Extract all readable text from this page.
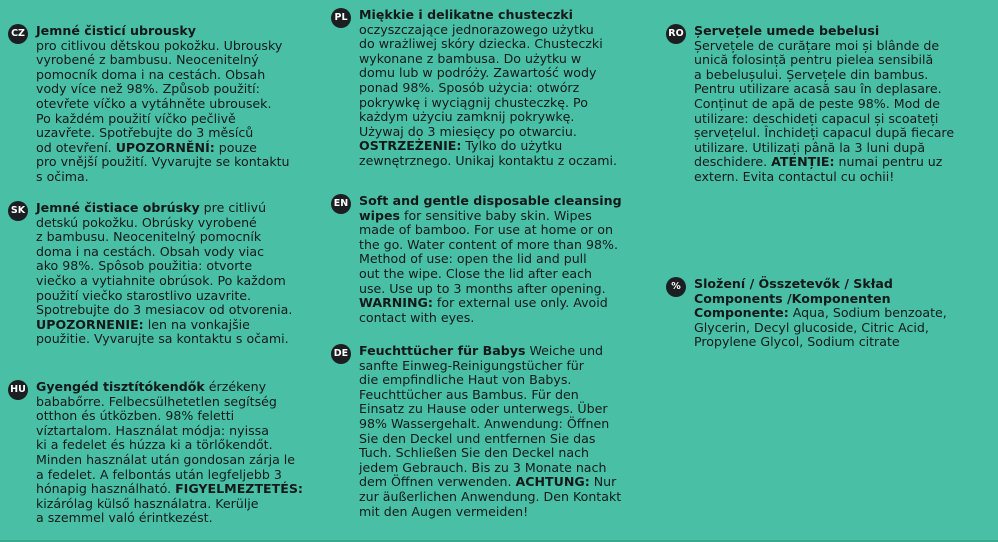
CZ Jemné čisticí ubrousky
pro citlivou dětskou pokožku. Ubrousky
vyrobené z bambusu. Neocenitelný
pomocník doma i na cestách. Obsah
vody více než 98%. Způsob použití:
otevřete víčko a vytáhněte ubrousek.
Po každém použití víčko pečlivě
uzavřete. Spotřebujte do 3 měsíců
od otevření. UPOZORNĚNÍ: pouze
pro vnější použití. Vyvarujte se kontaktu
s očima.
SK Jemné čistiace obrúsky pre citlivú
detskú pokožku. Obrúsky vyrobené
z bambusu. Neocenitelný pomocník
doma i na cestách. Obsah vody viac
ako 98%. Spôsob použitia: otvorte
viečko a vytiahnite obrúsok. Po každom
použití viečko starostlivo uzavrite.
Spotrebujte do 3 mesiacov od otvorenia.
UPOZORNENIE: len na vonkajšie
použitie. Vyvarujte sa kontaktu s očami.
HU Gyengéd tisztítókendők érzékeny
bababőrre. Felbecsülhetetlen segítség
otthon és útközben. 98% feletti
víztartalom. Használat módja: nyissa
ki a fedelet és húzza ki a törlőkendőt.
Minden használat után gondosan zárja le
a fedelet. A felbontás után legfeljebb 3
hónapig használható. FIGYELMEZTETÉS:
kizárólag külső használatra. Kerülje
a szemmel való érintkezést.
PL Miękkie i delikatne chusteczki
oczyszczające jednorazowego użytku
do wrażliwej skóry dziecka. Chusteczki
wykonane z bambusa. Do użytku w
domu lub w podróży. Zawartość wody
ponad 98%. Sposób użycia: otwórz
pokrywkę i wyciągnij chusteczkę. Po
każdym użyciu zamknij pokrywkę.
Używaj do 3 miesięcy po otwarciu.
OSTRZEŻENIE: Tylko do użytku
zewnętrznego. Unikaj kontaktu z oczami.
EN Soft and gentle disposable cleansing
wipes for sensitive baby skin. Wipes
made of bamboo. For use at home or on
the go. Water content of more than 98%.
Method of use: open the lid and pull
out the wipe. Close the lid after each
use. Use up to 3 months after opening.
WARNING: for external use only. Avoid
contact with eyes.
DE Feuchttücher für Babys Weiche und
sanfte Einweg-Reinigungstücher für
die empfindliche Haut von Babys.
Feuchttücher aus Bambus. Für den
Einsatz zu Hause oder unterwegs. Über
98% Wassergehalt. Anwendung: Öffnen
Sie den Deckel und entfernen Sie das
Tuch. Schließen Sie den Deckel nach
jedem Gebrauch. Bis zu 3 Monate nach
dem Öffnen verwenden. ACHTUNG: Nur
zur äußerlichen Anwendung. Den Kontakt
mit den Augen vermeiden!
RO Șervețele umede bebelusi
Șervețele de curățare moi și blânde de
unică folosință pentru pielea sensibilă
a bebelușului. Șervețele din bambus.
Pentru utilizare acasă sau în deplasare.
Conținut de apă de peste 98%. Mod de
utilizare: deschideți capacul și scoateți
șervețelul. Închideți capacul după fiecare
utilizare. Utilizați până la 3 luni după
deschidere. ATENȚIE: numai pentru uz
extern. Evita contactul cu ochii!
%	Složení / Összetevők / Skład
Components /Komponenten
Componente: Aqua, Sodium benzoate,
Glycerin, Decyl glucoside, Citric Acid,
Propylene Glycol, Sodium citrate
